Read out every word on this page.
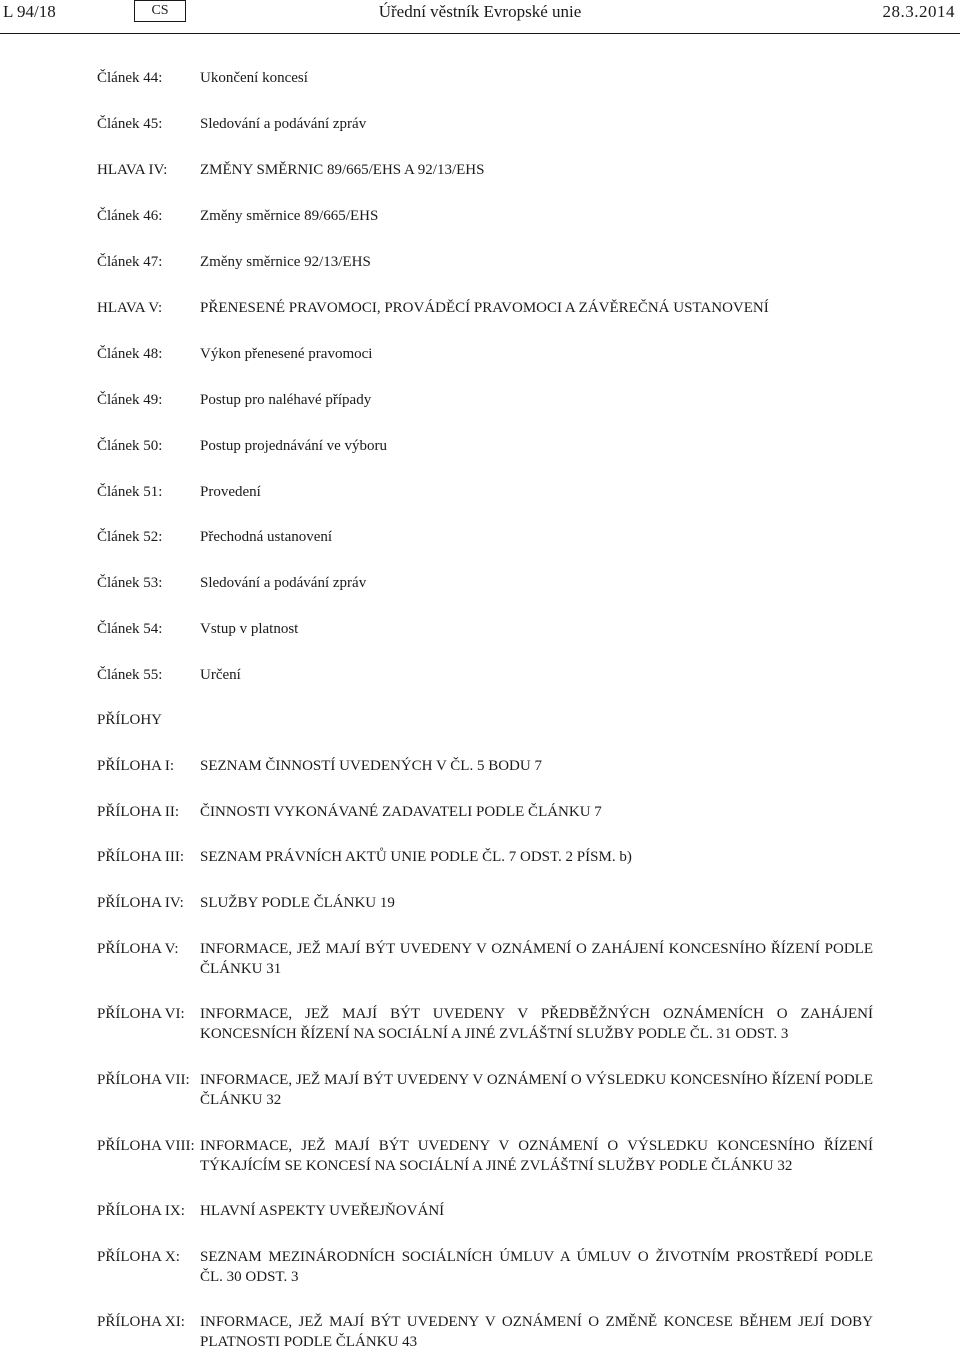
L 94/18	CS	Úřední věstník Evropské unie	28.3.2014
Článek 44:	Ukončení koncesí
Článek 45:	Sledování a podávání zpráv
HLAVA IV: ZMĚNY SMĚRNIC 89/665/EHS A 92/13/EHS
Článek 46:	Změny směrnice 89/665/EHS
Článek 47:	Změny směrnice 92/13/EHS
HLAVA V:	PŘENESENÉ PRAVOMOCI, PROVÁDĚCÍ PRAVOMOCI A ZÁVĚREČNÁ USTANOVENÍ
Článek 48:	Výkon přenesené pravomoci
Článek 49:	Postup pro naléhavé případy
Článek 50:	Postup projednávání ve výboru
Článek 51:	Provedení
Článek 52:	Přechodná ustanovení
Článek 53:	Sledování a podávání zpráv
Článek 54:	Vstup v platnost
Článek 55:	Určení
PŘÍLOHY
PŘÍLOHA I: SEZNAM ČINNOSTÍ UVEDENÝCH V ČL. 5 BODU 7
PŘÍLOHA II: ČINNOSTI VYKONÁVANÉ ZADAVATELI PODLE ČLÁNKU 7
PŘÍLOHA III: SEZNAM PRÁVNÍCH AKTŮ UNIE PODLE ČL. 7 ODST. 2 PÍSM. b)
PŘÍLOHA IV: SLUŽBY PODLE ČLÁNKU 19
PŘÍLOHA V: INFORMACE, JEŽ MAJÍ BÝT UVEDENY V OZNÁMENÍ O ZAHÁJENÍ KONCESNÍHO ŘÍZENÍ PODLE ČLÁNKU 31
PŘÍLOHA VI: INFORMACE, JEŽ MAJÍ BÝT UVEDENY V PŘEDBĚŽNÝCH OZNÁMENÍCH O ZAHÁJENÍ KONCESNÍCH ŘÍZENÍ NA SOCIÁLNÍ A JINÉ ZVLÁŠTNÍ SLUŽBY PODLE ČL. 31 ODST. 3
PŘÍLOHA VII: INFORMACE, JEŽ MAJÍ BÝT UVEDENY V OZNÁMENÍ O VÝSLEDKU KONCESNÍHO ŘÍZENÍ PODLE ČLÁNKU 32
PŘÍLOHA VIII: INFORMACE, JEŽ MAJÍ BÝT UVEDENY V OZNÁMENÍ O VÝSLEDKU KONCESNÍHO ŘÍZENÍ TÝKAJÍCÍM SE KONCESÍ NA SOCIÁLNÍ A JINÉ ZVLÁŠTNÍ SLUŽBY PODLE ČLÁNKU 32
PŘÍLOHA IX: HLAVNÍ ASPEKTY UVEŘEJŇOVÁNÍ
PŘÍLOHA X: SEZNAM MEZINÁRODNÍCH SOCIÁLNÍCH ÚMLUV A ÚMLUV O ŽIVOTNÍM PROSTŘEDÍ PODLE ČL. 30 ODST. 3
PŘÍLOHA XI: INFORMACE, JEŽ MAJÍ BÝT UVEDENY V OZNÁMENÍ O ZMĚNĚ KONCESE BĚHEM JEJÍ DOBY PLATNOSTI PODLE ČLÁNKU 43
